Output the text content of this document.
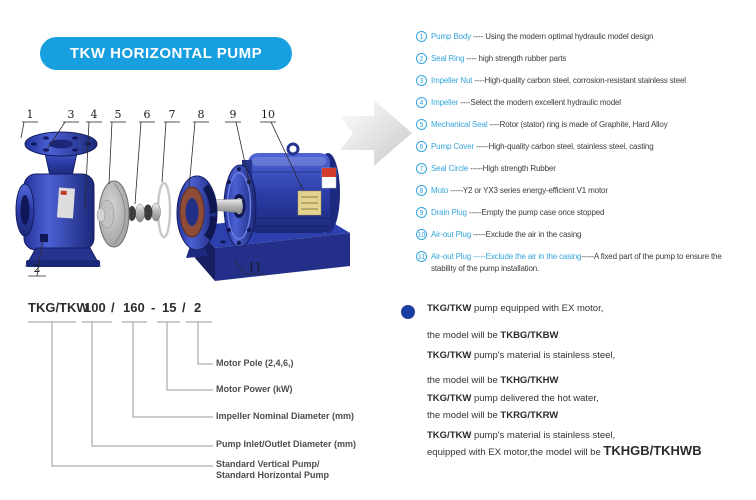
TKW HORIZONTAL PUMP
1	3 4 5 6 7 8 9 10
2	11
1 Pump Body ---- Using the modern optimal hydraulic model design
2 Seal Ring ---- high strength rubber parts
3 Impeller Nut ----High-quality carbon steel, corrosion-resistant stainless steel
4 Impeller ----Select the modern excellent hydraulic model
5 Mechanical Seal ----Rotor (stator) ring is made of Graphite, Hard Alloy
6 Pump Cover -----High-quality carbon steel, stainless steel, casting
7 Seal Circle -----High strength Rubber
8 Moto -----Y2 or YX3 series energy-efficient V1 motor
9 Drain Plug -----Empty the pump case once stopped
10 Air-out Plug -----Exclude the air in the casing
11 Air-out Plug -----Exclude the air in the casing-----A fixed part of the pump to ensure the stability of the pump installation.
TKG/TKW
100 / 160 - 15 / 2
Motor Pole (2,4,6,)
Motor Power (kW)
Impeller Nominal Diameter (mm)
Pump Inlet/Outlet Diameter (mm)
Standard Vertical Pump/
Standard Horizontal Pump
TKG/TKW pump equipped with EX motor,
the model will be TKBG/TKBW
TKG/TKW pump's material is stainless steel,
the model will be TKHG/TKHW
TKG/TKW pump delivered the hot water,
the model will be TKRG/TKRW
TKG/TKW pump's material is stainless steel,
equipped with EX motor,the model will be TKHGB/TKHWB
